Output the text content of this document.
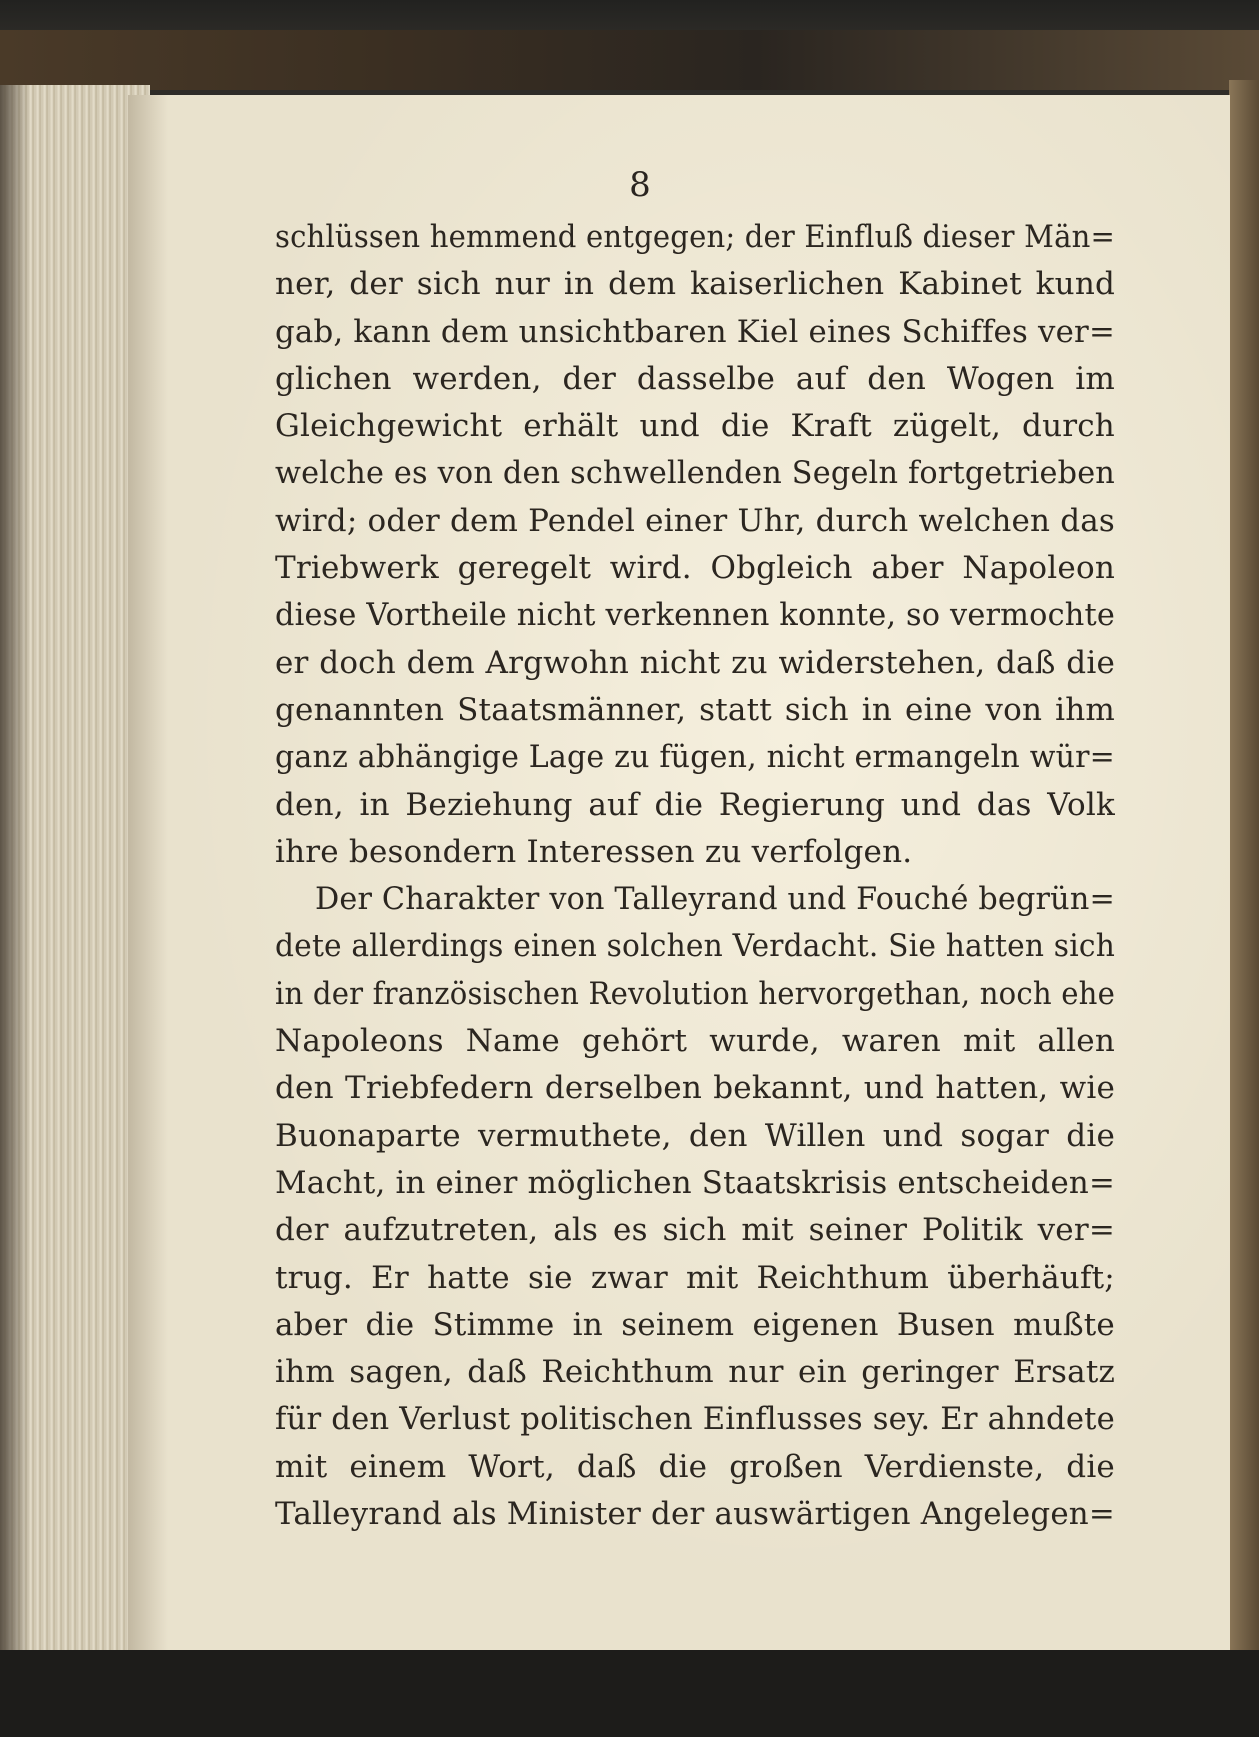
8
schlüssen hemmend entgegen; der Einfluß dieser Män=
ner, der sich nur in dem kaiserlichen Kabinet kund
gab, kann dem unsichtbaren Kiel eines Schiffes ver=
glichen werden, der dasselbe auf den Wogen im
Gleichgewicht erhält und die Kraft zügelt, durch
welche es von den schwellenden Segeln fortgetrieben
wird; oder dem Pendel einer Uhr, durch welchen das
Triebwerk geregelt wird. Obgleich aber Napoleon
diese Vortheile nicht verkennen konnte, so vermochte
er doch dem Argwohn nicht zu widerstehen, daß die
genannten Staatsmänner, statt sich in eine von ihm
ganz abhängige Lage zu fügen, nicht ermangeln wür=
den, in Beziehung auf die Regierung und das Volk
ihre besondern Interessen zu verfolgen.
Der Charakter von Talleyrand und Fouché begrün=
dete allerdings einen solchen Verdacht. Sie hatten sich
in der französischen Revolution hervorgethan, noch ehe
Napoleons Name gehört wurde, waren mit allen
den Triebfedern derselben bekannt, und hatten, wie
Buonaparte vermuthete, den Willen und sogar die
Macht, in einer möglichen Staatskrisis entscheiden=
der aufzutreten, als es sich mit seiner Politik ver=
trug. Er hatte sie zwar mit Reichthum überhäuft;
aber die Stimme in seinem eigenen Busen mußte
ihm sagen, daß Reichthum nur ein geringer Ersatz
für den Verlust politischen Einflusses sey. Er ahndete
mit einem Wort, daß die großen Verdienste, die
Talleyrand als Minister der auswärtigen Angelegen=
